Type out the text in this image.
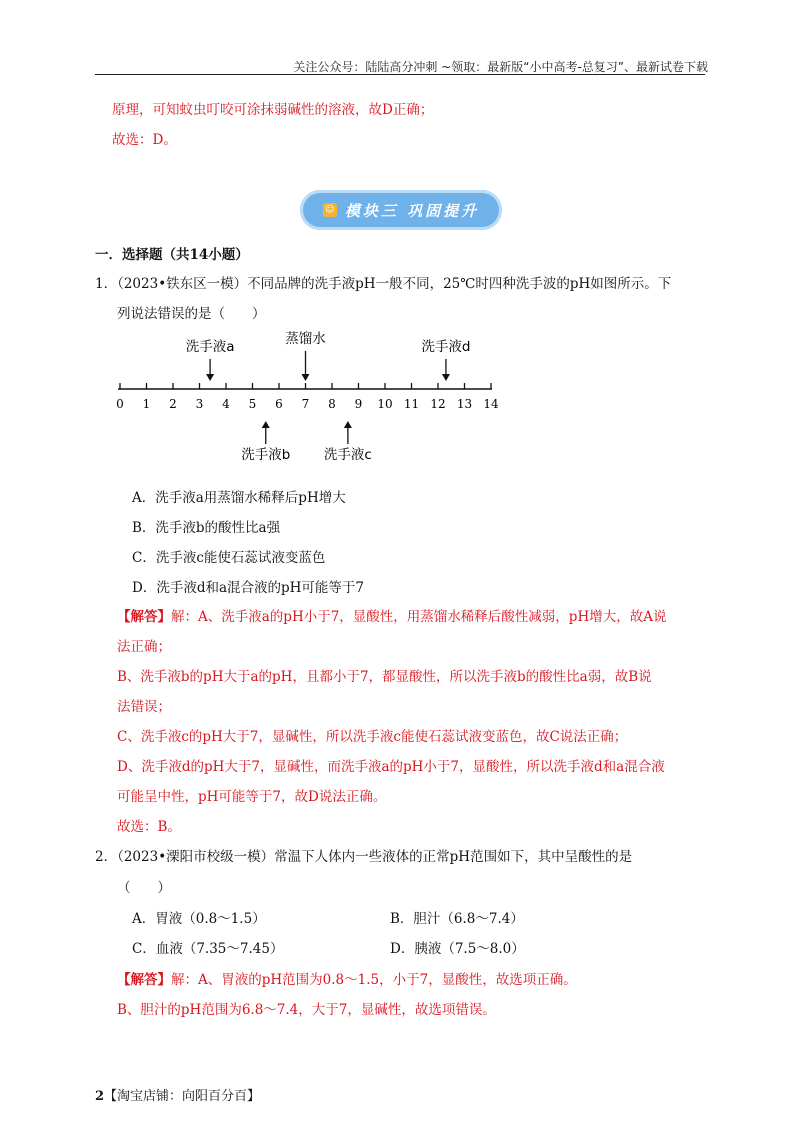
关注公众号：陆陆高分冲刺 ~领取：最新版“小中高考-总复习”、最新试卷下载
原理，可知蚊虫叮咬可涂抹弱碱性的溶液，故D正确；
故选：D。
☺ 模块三 巩固提升
一．选择题（共14小题）
1．（2023•铁东区一模）不同品牌的洗手液pH一般不同，25℃时四种洗手波的pH如图所示。下
列说法错误的是（　　）
0 1 2 3 4 5 6 7 8 9 10 11 12 13 14
洗手液a	蒸馏水	洗手液d
洗手液b 洗手液c
A．洗手液a用蒸馏水稀释后pH增大
B．洗手液b的酸性比a强
C．洗手液c能使石蕊试液变蓝色
D．洗手液d和a混合液的pH可能等于7
【解答】解：A、洗手液a的pH小于7，显酸性，用蒸馏水稀释后酸性减弱，pH增大，故A说
法正确；
B、洗手液b的pH大于a的pH，且都小于7，都显酸性，所以洗手液b的酸性比a弱，故B说
法错误；
C、洗手液c的pH大于7，显碱性，所以洗手液c能使石蕊试液变蓝色，故C说法正确；
D、洗手液d的pH大于7，显碱性，而洗手液a的pH小于7，显酸性，所以洗手液d和a混合液
可能呈中性，pH可能等于7，故D说法正确。
故选：B。
2．（2023•溧阳市校级一模）常温下人体内一些液体的正常pH范围如下，其中呈酸性的是
（　　）
A．胃液（0.8～1.5）	B．胆汁（6.8～7.4）
C．血液（7.35～7.45）	D．胰液（7.5～8.0）
【解答】解：A、胃液的pH范围为0.8～1.5，小于7，显酸性，故选项正确。
B、胆汁的pH范围为6.8～7.4，大于7，显碱性，故选项错误。
2【淘宝店铺：向阳百分百】
